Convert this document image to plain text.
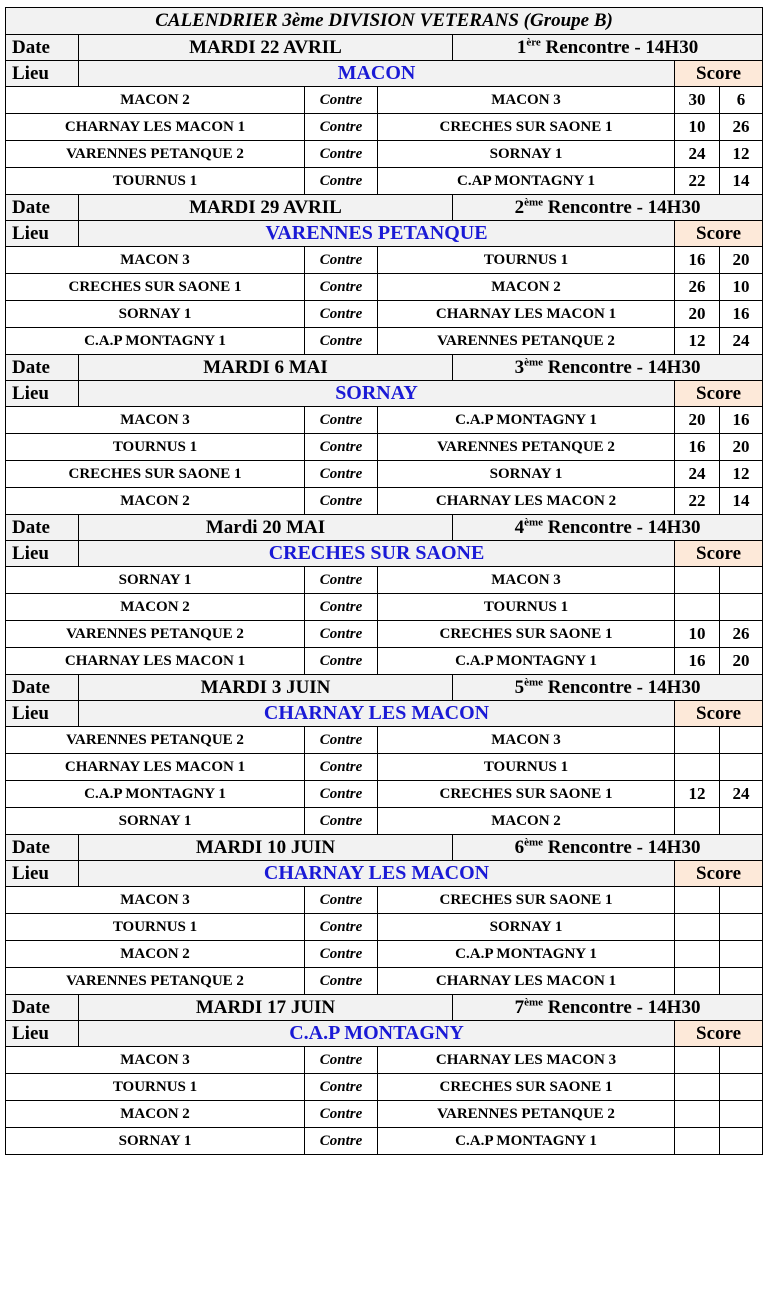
CALENDRIER 3ème DIVISION VETERANS (Groupe B)						
Date	MARDI 22 AVRIL			1ère Rencontre - 14H30		
Lieu	MACON				Score	
MACON 2		Contre	MACON 3		30	6
CHARNAY LES MACON 1		Contre	CRECHES SUR SAONE 1		10	26
VARENNES PETANQUE 2		Contre	SORNAY 1		24	12
TOURNUS 1		Contre	C.AP MONTAGNY 1		22	14
Date	MARDI 29 AVRIL			2ème Rencontre - 14H30		
Lieu	VARENNES PETANQUE				Score	
MACON 3		Contre	TOURNUS 1		16	20
CRECHES SUR SAONE 1		Contre	MACON 2		26	10
SORNAY 1		Contre	CHARNAY LES MACON 1		20	16
C.A.P MONTAGNY 1		Contre	VARENNES PETANQUE 2		12	24
Date	MARDI 6 MAI			3ème Rencontre - 14H30		
Lieu	SORNAY				Score	
MACON 3		Contre	C.A.P MONTAGNY 1		20	16
TOURNUS 1		Contre	VARENNES PETANQUE 2		16	20
CRECHES SUR SAONE 1		Contre	SORNAY 1		24	12
MACON 2		Contre	CHARNAY LES MACON 2		22	14
Date	Mardi 20 MAI			4ème Rencontre - 14H30		
Lieu	CRECHES SUR SAONE				Score	
SORNAY 1		Contre	MACON 3			
MACON 2		Contre	TOURNUS 1			
VARENNES PETANQUE 2		Contre	CRECHES SUR SAONE 1		10	26
CHARNAY LES MACON 1		Contre	C.A.P MONTAGNY 1		16	20
Date	MARDI 3 JUIN			5ème Rencontre - 14H30		
Lieu	CHARNAY LES MACON				Score	
VARENNES PETANQUE 2		Contre	MACON 3			
CHARNAY LES MACON 1		Contre	TOURNUS 1			
C.A.P MONTAGNY 1		Contre	CRECHES SUR SAONE 1		12	24
SORNAY 1		Contre	MACON 2			
Date	MARDI 10 JUIN			6ème Rencontre - 14H30		
Lieu	CHARNAY LES MACON				Score	
MACON 3		Contre	CRECHES SUR SAONE 1			
TOURNUS 1		Contre	SORNAY 1			
MACON 2		Contre	C.A.P MONTAGNY 1			
VARENNES PETANQUE 2		Contre	CHARNAY LES MACON 1			
Date	MARDI 17 JUIN			7ème Rencontre - 14H30		
Lieu	C.A.P MONTAGNY				Score	
MACON 3		Contre	CHARNAY LES MACON 3			
TOURNUS 1		Contre	CRECHES SUR SAONE 1			
MACON 2		Contre	VARENNES PETANQUE 2			
SORNAY 1		Contre	C.A.P MONTAGNY 1			
